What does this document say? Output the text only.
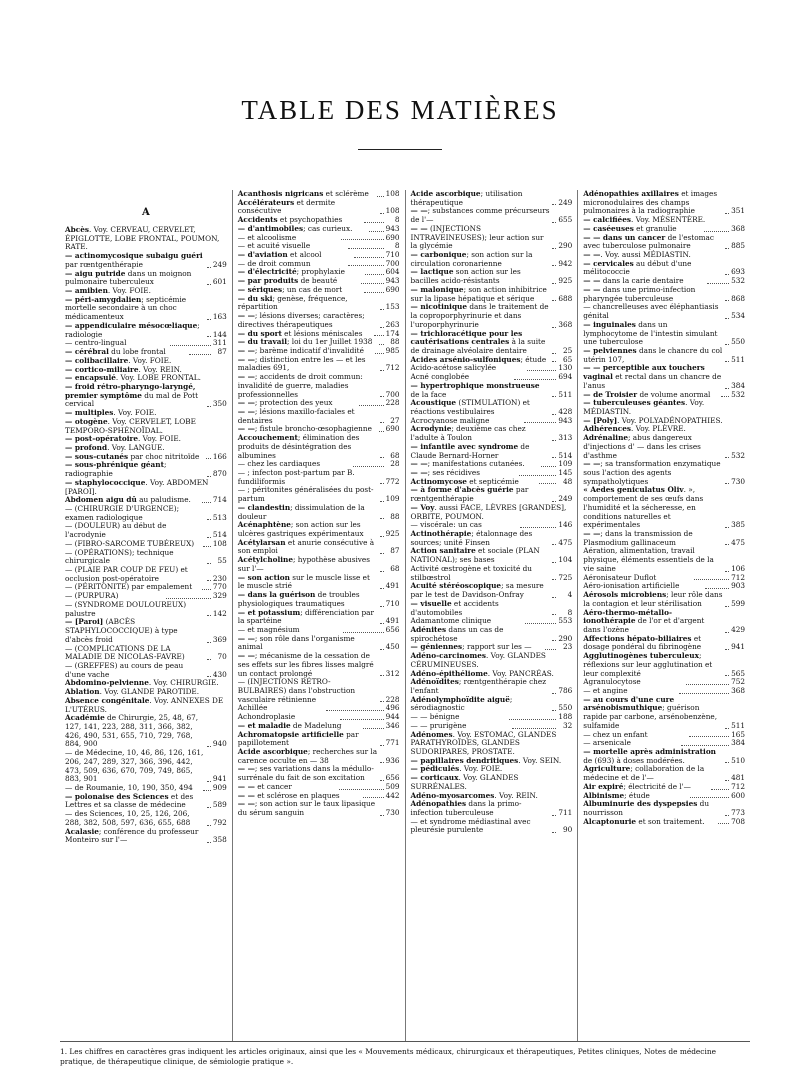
TABLE DES MATIÈRES
A
Abcès. Voy. CERVEAU, CERVELET, ÉPIGLOTTE, LOBE FRONTAL, POUMON, RATE.
— actinomycosique subaigu guéri par rœntgenthérapie	249
— aigu putride dans un moignon pulmonaire tuberculeux	601
— amibien. Voy. FOIE.
— péri-amygdalien; septicémie mortelle secondaire à un choc médicamenteux	163
— appendiculaire mésocœliaque; radiologie	144
— centro-lingual	311
— cérébral du lobe frontal	87
— colibacillaire. Voy. FOIE.
— cortico-miliaire. Voy. REIN.
— encapsulé. Voy. LOBE FRONTAL.
— froid rétro-pharyngo-laryngé, premier symptôme du mal de Pott cervical	350
— multiples. Voy. FOIE.
— otogène. Voy. CERVELET, LOBE TEMPORO-SPHÉNOÏDAL.
— post-opératoire. Voy. FOIE.
— profond. Voy. LANGUE.
— sous-cutanés par choc nitritoïde	166
— sous-phrénique géant; radiographie	870
— staphylococcique. Voy. ABDOMEN [PAROI].
Abdomen aigu dû au paludisme.	714
— (CHIRURGIE D'URGENCE); examen radiologique	513
— (DOULEUR) au début de l'acrodynie	514
— (FIBRO-SARCOME TUBÉREUX)	108
— (OPÉRATIONS); technique chirurgicale	55
— (PLAIE PAR COUP DE FEU) et occlusion post-opératoire	230
— (PÉRITONITE) par empalement	770
— (PURPURA)	329
— (SYNDROME DOULOUREUX) palustre	142
— [Paroi] (ABCÈS STAPHYLOCOCCIQUE) à type d'abcès froid	369
— (COMPLICATIONS DE LA MALADIE DE NICOLAS-FAVRE)	70
— (GREFFES) au cours de peau d'une vache	430
Abdomino-pelvienne. Voy. CHIRURGIE.
Ablation. Voy. GLANDE PAROTIDE.
Absence congénitale. Voy. ANNEXES DE L'UTÉRUS.
Académie de Chirurgie, 25, 48, 67, 127, 141, 223, 288, 311, 366, 382, 426, 490, 531, 655, 710, 729, 768, 884, 900	940
— de Médecine, 10, 46, 86, 126, 161, 206, 247, 289, 327, 366, 396, 442, 473, 509, 636, 670, 709, 749, 865, 883, 901	941
— de Roumanie, 10, 190, 350, 494	909
— polonaise des Sciences et des Lettres et sa classe de médecine	589
— des Sciences, 10, 25, 126, 206, 288, 382, 508, 597, 636, 655, 688	792
Acalasie; conférence du professeur Monteiro sur l'—	358
Acanthosis nigricans et sclérème	108
Accélérateurs et dermite consécutive	108
Accidents et psychopathies	8
— d'antimobiles; cas curieux.	943
— et alcoolisme	690
— et acuité visuelle	8
— d'aviation et alcool	710
— de droit commun	700
— d'électricité; prophylaxie	604
— par produits de beauté	943
— sériques; un cas de mort	690
— du ski; genèse, fréquence, répartition	153
— —; lésions diverses; caractères; directives thérapeutiques	263
— du sport et lésions méniscales	174
— du travail; loi du 1er Juillet 1938	88
— —; barème indicatif d'invalidité	985
— —; distinction entre les — et les maladies 691,	712
— —; accidents de droit commun: invalidité de guerre, maladies professionnelles	700
— —; protection des yeux	228
— —; lésions maxillo-faciales et dentaires	27
— —; fistule broncho-œsophagienne	690
Accouchement; élimination des produits de désintégration des albumines	68
— chez les cardiaques	28
— ; infecton post-partum par B. fundiliformis	772
— ; péritonites généralisées du post-partum	109
— clandestin; dissimulation de la douleur	88
Acénaphtène; son action sur les ulcères gastriques expérimentaux	925
Acétylarsan et anurie consécutive à son emploi	87
Acétylcholine; hypothèse abusives sur l'—	68
— son action sur le muscle lisse et le muscle strié	491
— dans la guérison de troubles physiologiques traumatiques	710
— et potassium; différenciation par la spartéine	491
— et magnésium	656
— —; son rôle dans l'organisme animal	450
— —; mécanisme de la cessation de ses effets sur les fibres lisses malgré un contact prolongé	312
— (INJECTIONS RÉTRO-BULBAIRES) dans l'obstruction vasculaire rétinienne	228
Achillée	496
Achondroplasie	944
— et maladie de Madelung	346
Achromatopsie artificielle par papillotement	771
Acide ascorbique; recherches sur la carence occulte en — 38	936
— —; ses variations dans la médullo-surrénale du fait de son excitation	656
— — et cancer	509
— — et sclérose en plaques	442
— —; son action sur le taux lipasique du sérum sanguin	730
Acide ascorbique; utilisation thérapeutique	249
— —; substances comme précurseurs de l'—	655
— — (INJECTIONS INTRAVEINEUSES); leur action sur la glycémie	290
— carbonique; son action sur la circulation coronarienne	942
— lactique son action sur les bacilles acido-résistants	925
— malonique; son action inhibitrice sur la lipase hépatique et sérique	688
— nicotinique dans le traitement de la coproporphyrinurie et dans l'uroporphyrinurie	368
— trichloracétique pour les cautérisations centrales à la suite de drainage alvéolaire dentaire	25
Acides arsénio-sulfoniques; étude	65
Acido-acétose salicylée	130
Acné conglobée	694
— hypertrophique monstrueuse de la face	511
Acoustique (STIMULATION) et réactions vestibulaires	428
Acrocyanose maligne	943
Acrodynie; deuxième cas chez l'adulte à Toulon	313
— infantile avec syndrome de Claude Bernard-Horner	514
— —; manifestations cutanées.	109
— —; ses récidives	145
Actinomycose et septicémie	48
— à forme d'abcès guérie par rœntgenthérapie	249
— Voy. aussi FACE, LÈVRES [GRANDES], ORBITE, POUMON.
— viscérale: un cas	146
Actinothérapie; étalonnage des sources; unité Finsen	475
Action sanitaire et sociale (PLAN NATIONAL); ses bases	104
Activité œstrogène et toxicité du stilbœstrol	725
Acuité stéréoscopique; sa mesure par le test de Davidson-Onfray	4
— visuelle et accidents d'automobiles	8
Adamantome clinique	553
Adénites dans un cas de spirochétose	290
— géniennes; rapport sur les —	23
Adéno-carcinomes. Voy. GLANDES CÉRUMINEUSES.
Adéno-épithéliome. Voy. PANCRÉAS.
Adénoïdites; rœntgenthérapie chez l'enfant	786
Adénolymphoïdite aiguë; sérodiagnostic	550
— — bénigne	188
— — prurigène	32
Adénomes. Voy. ESTOMAC, GLANDES PARATHYROÏDES, GLANDES SUDORIPARES, PROSTATE.
— papillaires dendritiques. Voy. SEIN.
— pédiculés. Voy. FOIE.
— corticaux. Voy. GLANDES SURRÉNALES.
Adéno-myosarcomes. Voy. REIN.
Adénopathies dans la primo-infection tuberculeuse	711
— et syndrome médiastinal avec pleurésie purulente	90
Adénopathies axillaires et images micronodulaires des champs pulmonaires à la radiographie	351
— calcifiées. Voy. MÉSENTÈRE.
— caséeuses et granulie	368
— — dans un cancer de l'estomac avec tuberculose pulmonaire	885
— —. Voy. aussi MÉDIASTIN.
— cervicales au début d'une mélitococcie	693
— — dans la carie dentaire	532
— — dans une primo-infection pharyngée tuberculeuse	868
— chancrelleuses avec éléphantiasis génital	534
— inguinales dans un lymphocytome de l'intestin simulant une tuberculose	550
— pelviennes dans le chancre du col utérin 107,	511
— — perceptible aux touchers vaginal et rectal dans un chancre de l'anus	384
— de Troisier de volume anormal	532
— tuberculeuses géantes. Voy. MÉDIASTIN.
— [Poly]. Voy. POLYADÉNOPATHIES.
Adhérences. Voy. PLÈVRE.
Adrénaline; abus dangereux d'injections d' — dans les crises d'asthme	532
— —; sa transformation enzymatique sous l'action des agents sympatholytiques	730
« Aedes geniculatus Oliv. », comportement de ses œufs dans l'humidité et la sécheresse, en conditions naturelles et expérimentales	385
— —; dans la transmission de Plasmodium gallinaceum	475
Aération, alimentation, travail physique, éléments essentiels de la vie saine	106
Aéronisateur Duflot	712
Aéro-ionisation artificielle	903
Aérosols microbiens; leur rôle dans la contagion et leur stérilisation	599
Aéro-thermo-métallo-ionothérapie de l'or et d'argent dans l'ozène	429
Affections hépato-biliaires et dosage pondéral du fibrinogène	941
Agglutinogènes tuberculeux; réflexions sur leur agglutination et leur complexité	565
Agranulocytose	752
— et angine	368
— au cours d'une cure arsénobismuthique; guérison rapide par carbone, arsénobenzène, sulfamide	511
— chez un enfant	165
— arsenicale	384
— mortelle après administration de (693) à doses modérées.	510
Agriculture; collaboration de la médecine et de l'—	481
Air expiré; électricité de l'—	712
Albinisme; étude	600
Albuminurie des dyspepsies du nourrisson	773
Alcaptonurie et son traitement.	708

1. Les chiffres en caractères gras indiquent les articles originaux, ainsi que les « Mouvements médicaux, chirurgicaux et thérapeutiques, Petites cliniques, Notes de médecine pratique, de thérapeutique clinique, de sémiologie pratique ».
